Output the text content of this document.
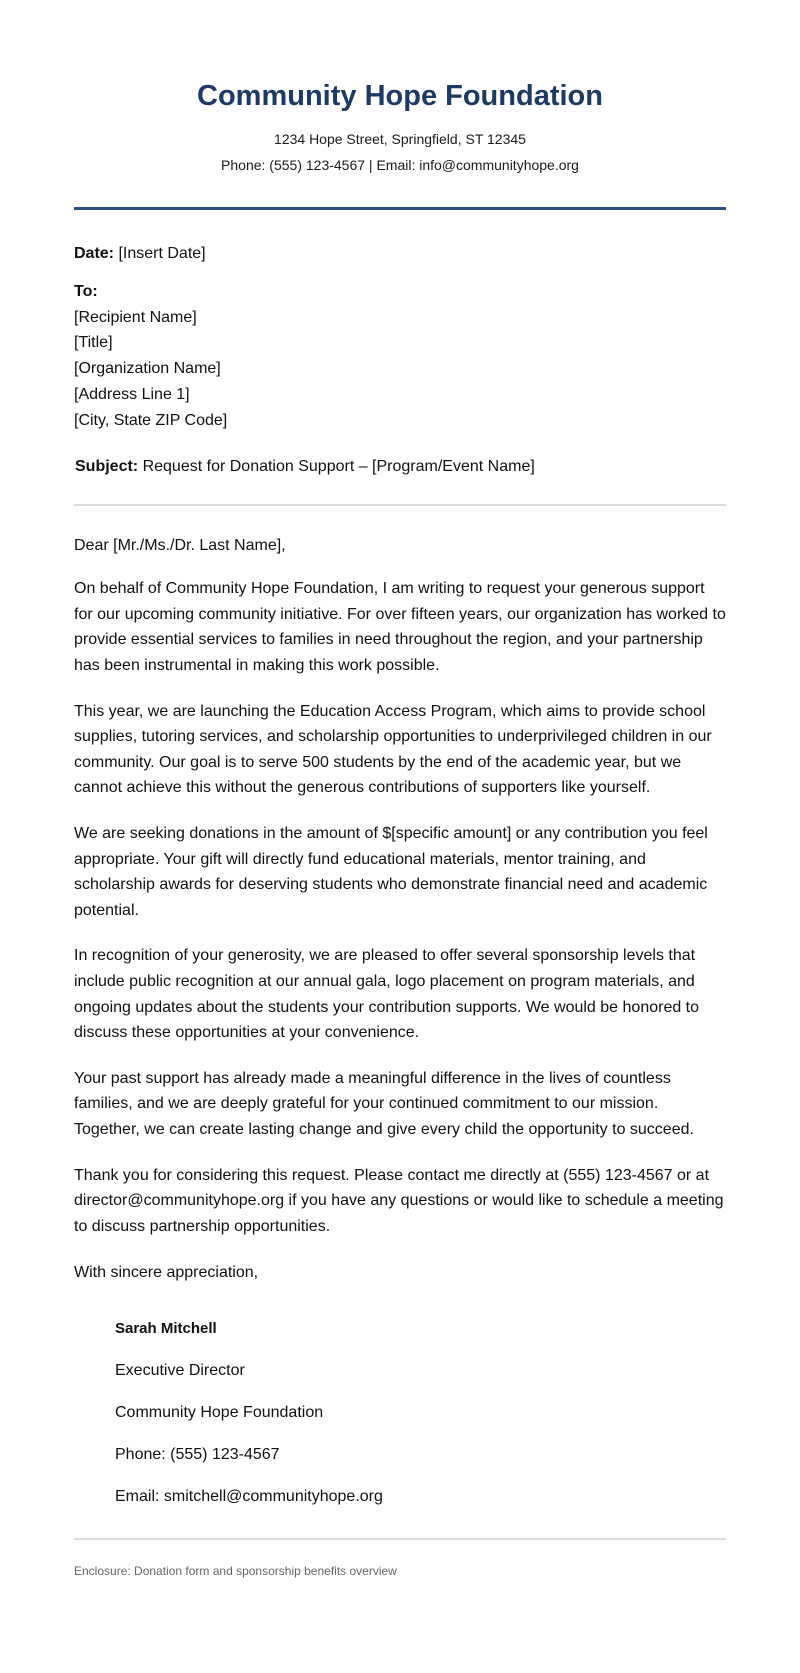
Community Hope Foundation
1234 Hope Street, Springfield, ST 12345
Phone: (555) 123-4567 | Email: info@communityhope.org
Date: [Insert Date]
To:
[Recipient Name]
[Title]
[Organization Name]
[Address Line 1]
[City, State ZIP Code]
Subject: Request for Donation Support – [Program/Event Name]
Dear [Mr./Ms./Dr. Last Name],

On behalf of Community Hope Foundation, I am writing to request your generous support for our upcoming community initiative. For over fifteen years, our organization has worked to provide essential services to families in need throughout the region, and your partnership has been instrumental in making this work possible.

This year, we are launching the Education Access Program, which aims to provide school supplies, tutoring services, and scholarship opportunities to underprivileged children in our community. Our goal is to serve 500 students by the end of the academic year, but we cannot achieve this without the generous contributions of supporters like yourself.

We are seeking donations in the amount of $[specific amount] or any contribution you feel appropriate. Your gift will directly fund educational materials, mentor training, and scholarship awards for deserving students who demonstrate financial need and academic potential.

In recognition of your generosity, we are pleased to offer several sponsorship levels that include public recognition at our annual gala, logo placement on program materials, and ongoing updates about the students your contribution supports. We would be honored to discuss these opportunities at your convenience.

Your past support has already made a meaningful difference in the lives of countless families, and we are deeply grateful for your continued commitment to our mission. Together, we can create lasting change and give every child the opportunity to succeed.

Thank you for considering this request. Please contact me directly at (555) 123-4567 or at director@communityhope.org if you have any questions or would like to schedule a meeting to discuss partnership opportunities.

With sincere appreciation,
Sarah Mitchell
Executive Director
Community Hope Foundation
Phone: (555) 123-4567
Email: smitchell@communityhope.org
Enclosure: Donation form and sponsorship benefits overview
